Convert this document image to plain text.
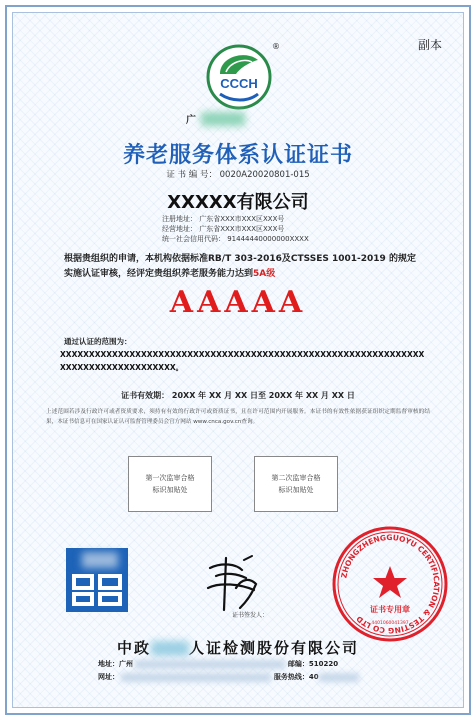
副本
CCCH
®
广
养老服务体系认证证书
证 书 编 号： 0020A20020801-015
XXXXX有限公司
注册地址： 广东省XXX市XXX区XXX号
经营地址： 广东省XXX市XXX区XXX号
统一社会信用代码： 91444440000000XXXX
根据贵组织的申请，本机构依据标准RB/T 303-2016及CTSSES 1001-2019 的规定实施认证审核，经评定贵组织养老服务能力达到5A级
AAAAA
通过认证的范围为：
XXXXXXXXXXXXXXXXXXXXXXXXXXXXXXXXXXXXXXXXXXXXXXXXXXXXXXXXXXXXXXXXXXXXXXXXXXXXXXXXXXX。
证书有效期： 20XX 年 XX 月 XX 日至 20XX 年 XX 月 XX 日
上述范围若涉及行政许可或者资质要求，须持有有效的行政许可或资质证书，且在许可范围内开展服务。本证书的有效性依据获证组织定期监督审核的结果，本证书信息可在国家认证认可监督管理委员会官方网站 www.cnca.gov.cn查询。
第一次监审合格
标识加贴处
第二次监审合格
标识加贴处
证书签发人：
ZHONGZHENGGUOYU CERTIFICATION & TESTING CO LTD
证书专用章
4401060041397
中政	人证检测股份有限公司
地址：广州	邮编：510220
网址：	服务热线：40
